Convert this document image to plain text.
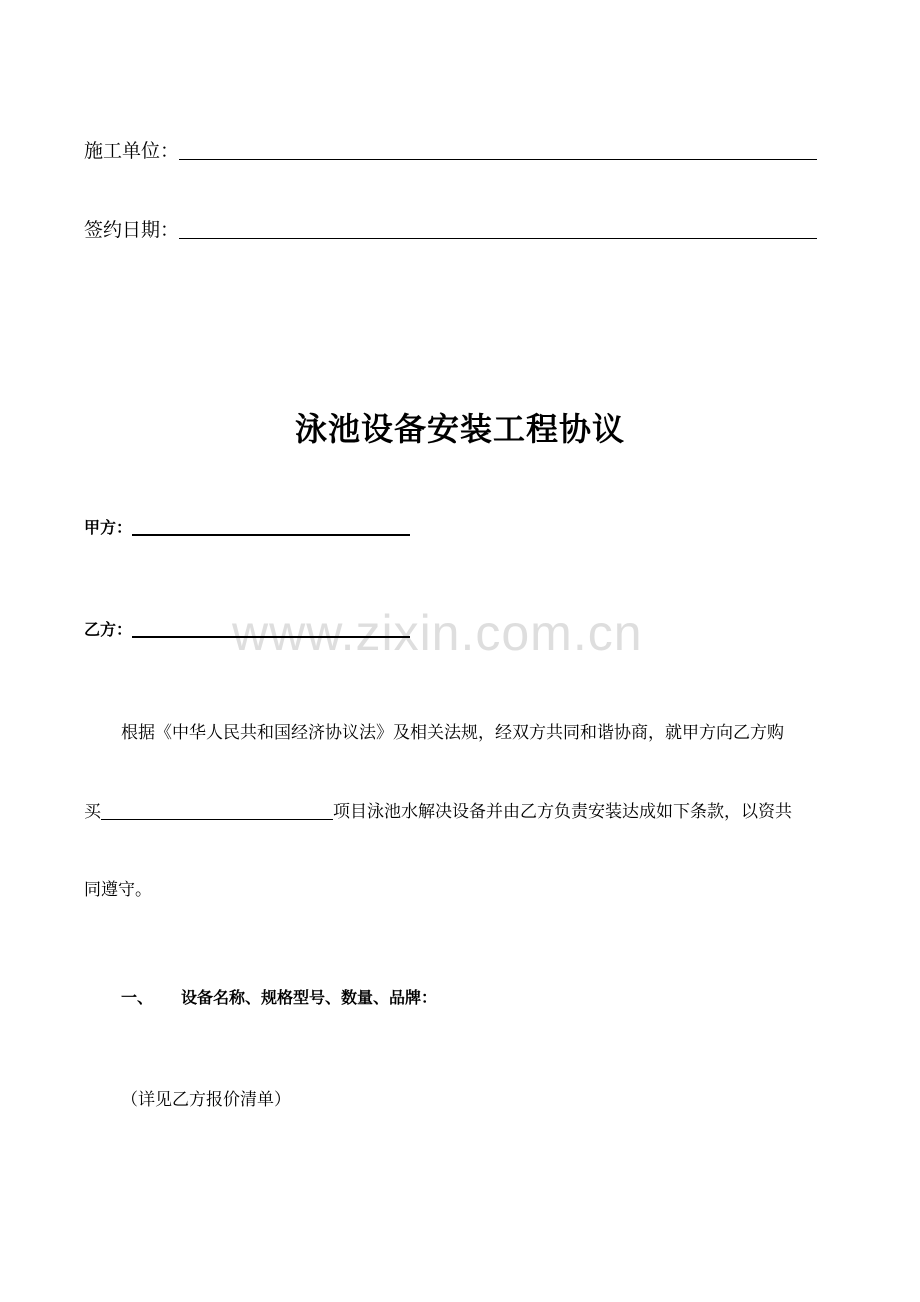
施工单位：
签约日期：
泳池设备安装工程协议
甲方：
www.zixin.com.cn
乙方：
根据《中华人民共和国经济协议法》及相关法规，经双方共同和谐协商，就甲方向乙方购
买	项目泳池水解决设备并由乙方负责安装达成如下条款，以资共
同遵守。
一、	设备名称、规格型号、数量、品牌：
（详见乙方报价清单）
